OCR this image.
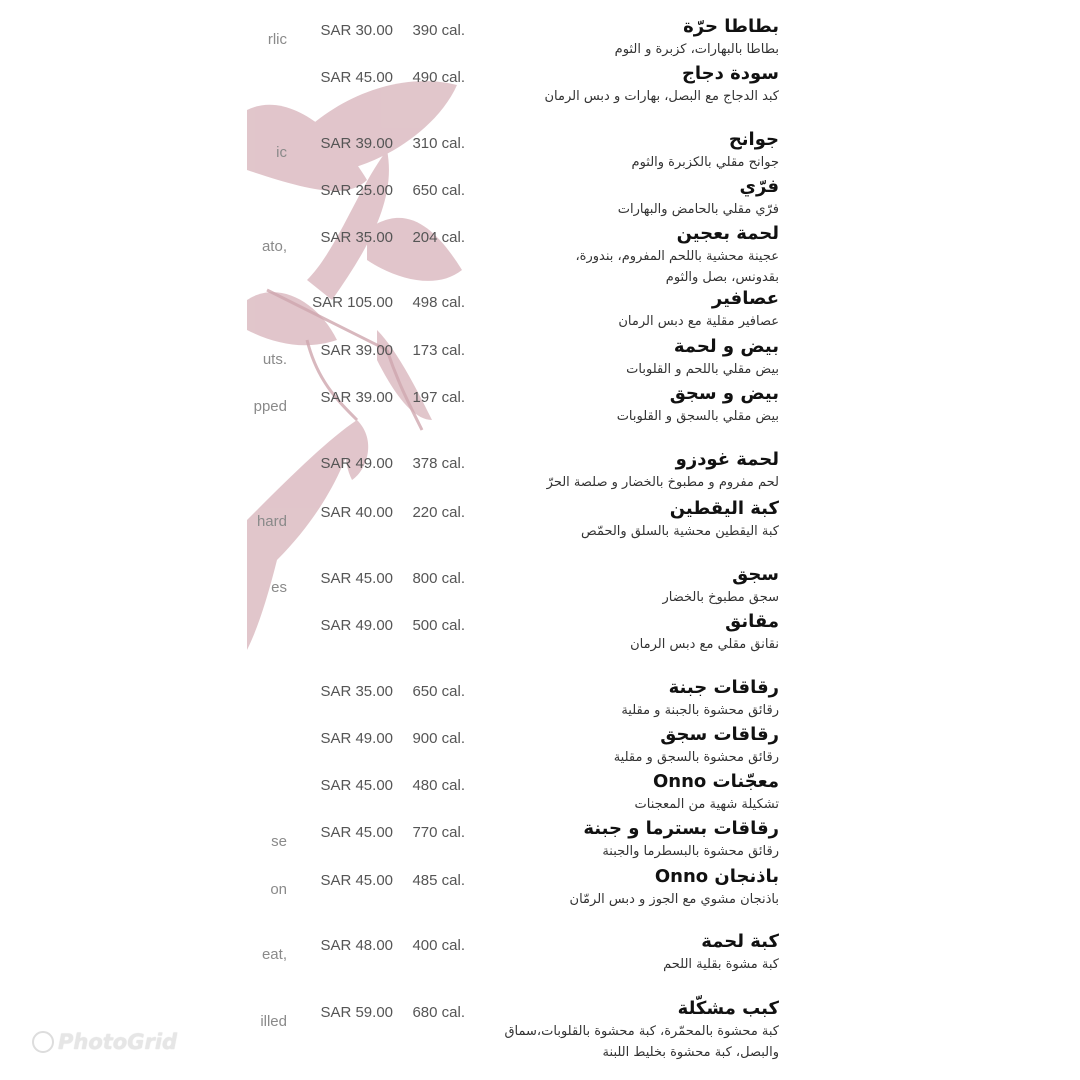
rlic
SAR 30.00	390 cal.	بطاطا حرّة
بطاطا بالبهارات، كزبرة و الثوم
SAR 45.00	490 cal.	سودة دجاج
كبد الدجاج مع البصل، بهارات و دبس الرمان
ic
SAR 39.00	310 cal.	جوانح
جوانح مقلي بالكزبرة والثوم
SAR 25.00	650 cal.	فرّي
فرّي مقلي بالحامض والبهارات
ato,
SAR 35.00	204 cal.	لحمة بعجين
عجينة محشية باللحم المفروم، بندورة، بقدونس، بصل والثوم
SAR 105.00	498 cal.	عصافير
عصافير مقلية مع دبس الرمان
uts.
SAR 39.00	173 cal.	بيض و لحمة
بيض مقلي باللحم و القلوبات
pped
SAR 39.00	197 cal.	بيض و سجق
بيض مقلي بالسجق و القلوبات
SAR 49.00	378 cal.	لحمة غودزو
لحم مفروم و مطبوخ بالخضار و صلصة الحرّ
hard
SAR 40.00	220 cal.	كبة اليقطين
كبة اليقطين محشية بالسلق والحمّص
es
SAR 45.00	800 cal.	سجق
سجق مطبوخ بالخضار
SAR 49.00	500 cal.	مقانق
نقانق مقلي مع دبس الرمان
SAR 35.00	650 cal.	رقاقات جبنة
رقائق محشوة بالجبنة و مقلية
SAR 49.00	900 cal.	رقاقات سجق
رقائق محشوة بالسجق و مقلية
SAR 45.00	480 cal.	معجّنات Onno
تشكيلة شهية من المعجنات
se
SAR 45.00	770 cal.	رقاقات بسترما و جبنة
رقائق محشوة بالبسطرما والجبنة
on
SAR 45.00	485 cal.	باذنجان Onno
باذنجان مشوي مع الجوز و دبس الرمّان
eat,
SAR 48.00	400 cal.	كبة لحمة
كبة مشوة بقلية اللحم
illed
SAR 59.00	680 cal.	كبب مشكّلة
كبة محشوة بالمحمّرة، كبة محشوة بالقلوبات،سماق والبصل، كبة محشوة بخليط اللبنة
PhotoGrid
